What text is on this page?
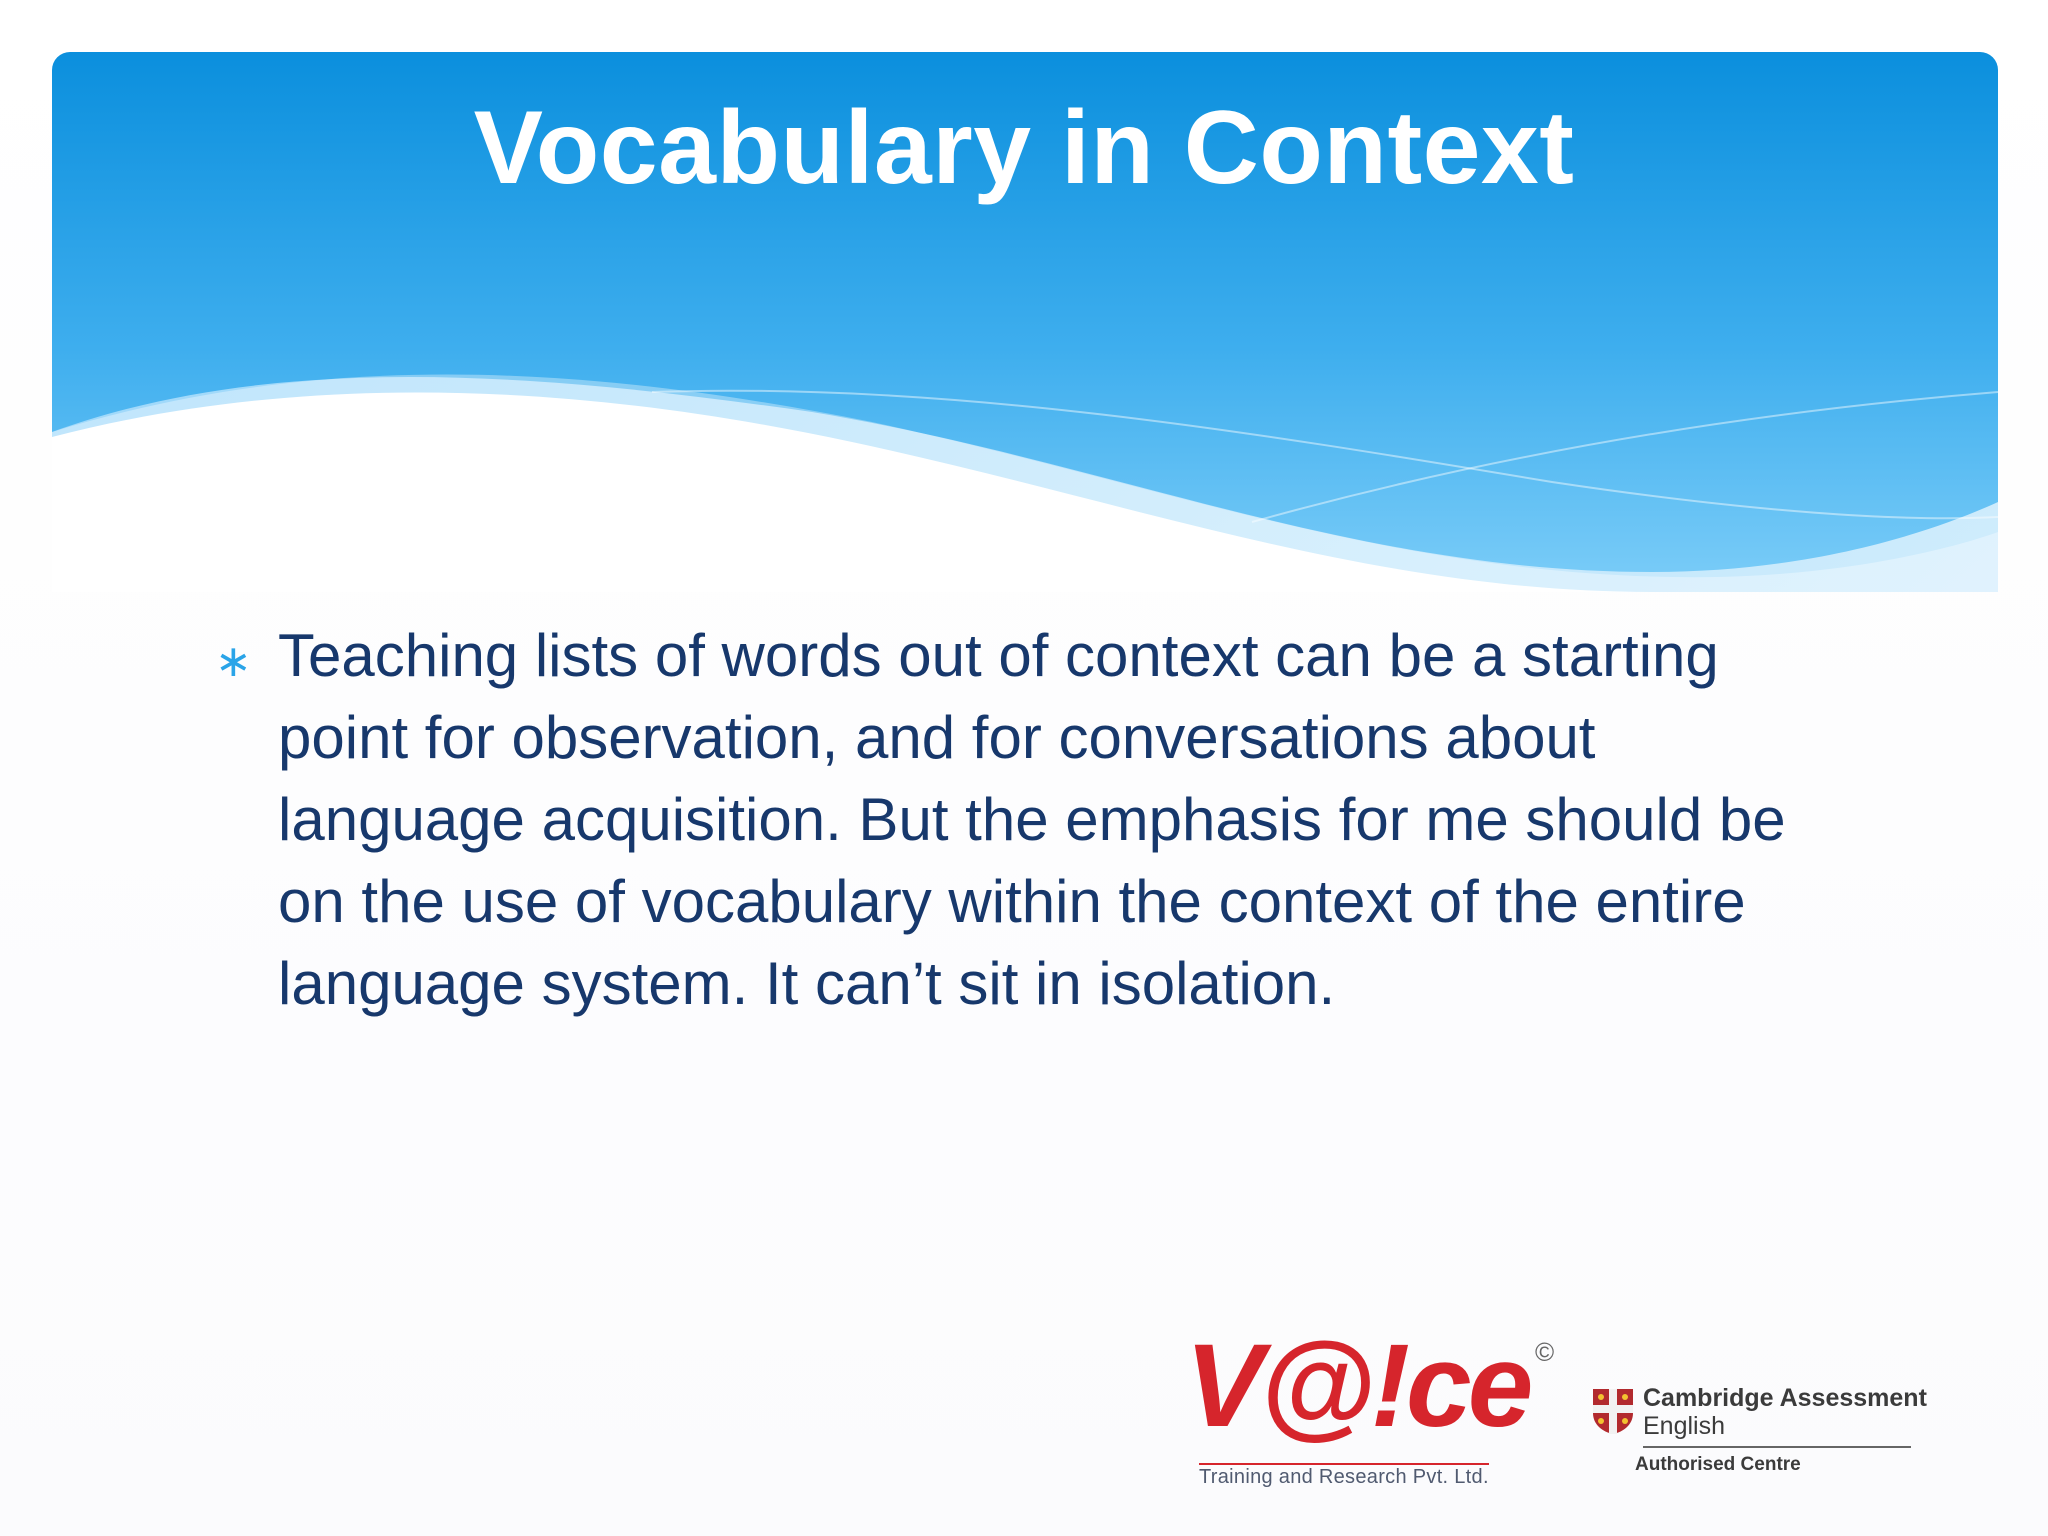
Vocabulary in Context
∗ Teaching lists of words out of context can be a starting point for observation, and for conversations about language acquisition. But the emphasis for me should be on the use of vocabulary within the context of the entire language system. It can’t sit in isolation.
V@!ce ©
Training and Research Pvt. Ltd.
Cambridge Assessment
English
Authorised Centre
